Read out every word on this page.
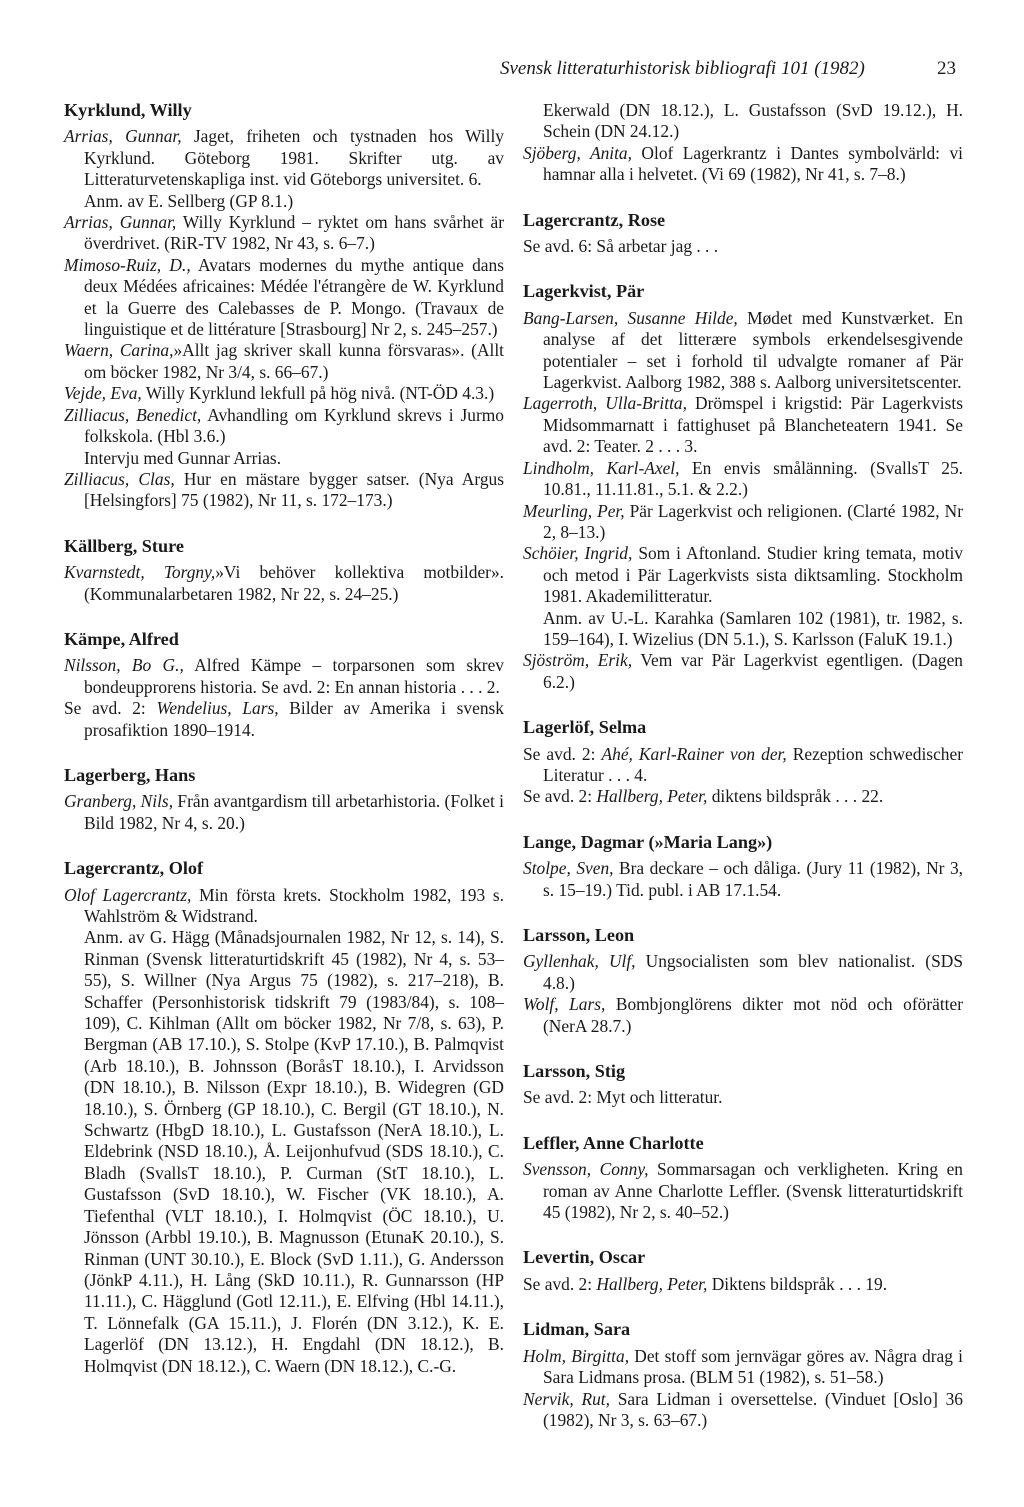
Svensk litteraturhistorisk bibliografi 101 (1982)	23
Kyrklund, Willy
Arrias, Gunnar, Jaget, friheten och tystnaden hos Willy Kyrklund. Göteborg 1981. Skrifter utg. av Litteraturvetenskapliga inst. vid Göteborgs universitet. 6.
Anm. av E. Sellberg (GP 8.1.)
Arrias, Gunnar, Willy Kyrklund – ryktet om hans svårhet är överdrivet. (RiR-TV 1982, Nr 43, s. 6–7.)
Mimoso-Ruiz, D., Avatars modernes du mythe antique dans deux Médées africaines: Médée l'étrangère de W. Kyrklund et la Guerre des Calebasses de P. Mongo. (Travaux de linguistique et de littérature [Strasbourg] Nr 2, s. 245–257.)
Waern, Carina,»Allt jag skriver skall kunna försvaras». (Allt om böcker 1982, Nr 3/4, s. 66–67.)
Vejde, Eva, Willy Kyrklund lekfull på hög nivå. (NT-ÖD 4.3.)
Zilliacus, Benedict, Avhandling om Kyrklund skrevs i Jurmo folkskola. (Hbl 3.6.)
Intervju med Gunnar Arrias.
Zilliacus, Clas, Hur en mästare bygger satser. (Nya Argus [Helsingfors] 75 (1982), Nr 11, s. 172–173.)
Källberg, Sture
Kvarnstedt, Torgny,»Vi behöver kollektiva motbilder». (Kommunalarbetaren 1982, Nr 22, s. 24–25.)
Kämpe, Alfred
Nilsson, Bo G., Alfred Kämpe – torparsonen som skrev bondeupprorens historia. Se avd. 2: En annan historia . . . 2.
Se avd. 2: Wendelius, Lars, Bilder av Amerika i svensk prosafiktion 1890–1914.
Lagerberg, Hans
Granberg, Nils, Från avantgardism till arbetarhistoria. (Folket i Bild 1982, Nr 4, s. 20.)
Lagercrantz, Olof
Olof Lagercrantz, Min första krets. Stockholm 1982, 193 s. Wahlström & Widstrand.
Anm. av G. Hägg (Månadsjournalen 1982, Nr 12, s. 14), S. Rinman (Svensk litteraturtidskrift 45 (1982), Nr 4, s. 53–55), S. Willner (Nya Argus 75 (1982), s. 217–218), B. Schaffer (Personhistorisk tidskrift 79 (1983/84), s. 108–109), C. Kihlman (Allt om böcker 1982, Nr 7/8, s. 63), P. Bergman (AB 17.10.), S. Stolpe (KvP 17.10.), B. Palmqvist (Arb 18.10.), B. Johnsson (BoråsT 18.10.), I. Arvidsson (DN 18.10.), B. Nilsson (Expr 18.10.), B. Widegren (GD 18.10.), S. Örnberg (GP 18.10.), C. Bergil (GT 18.10.), N. Schwartz (HbgD 18.10.), L. Gustafsson (NerA 18.10.), L. Eldebrink (NSD 18.10.), Å. Leijonhufvud (SDS 18.10.), C. Bladh (SvallsT 18.10.), P. Curman (StT 18.10.), L. Gustafsson (SvD 18.10.), W. Fischer (VK 18.10.), A. Tiefenthal (VLT 18.10.), I. Holmqvist (ÖC 18.10.), U. Jönsson (Arbbl 19.10.), B. Magnusson (EtunaK 20.10.), S. Rinman (UNT 30.10.), E. Block (SvD 1.11.), G. Andersson (JönkP 4.11.), H. Lång (SkD 10.11.), R. Gunnarsson (HP 11.11.), C. Hägglund (Gotl 12.11.), E. Elfving (Hbl 14.11.), T. Lönnefalk (GA 15.11.), J. Florén (DN 3.12.), K. E. Lagerlöf (DN 13.12.), H. Engdahl (DN 18.12.), B. Holmqvist (DN 18.12.), C. Waern (DN 18.12.), C.-G.
Ekerwald (DN 18.12.), L. Gustafsson (SvD 19.12.), H. Schein (DN 24.12.)
Sjöberg, Anita, Olof Lagerkrantz i Dantes symbolvärld: vi hamnar alla i helvetet. (Vi 69 (1982), Nr 41, s. 7–8.)
Lagercrantz, Rose
Se avd. 6: Så arbetar jag . . .
Lagerkvist, Pär
Bang-Larsen, Susanne Hilde, Mødet med Kunstværket. En analyse af det litterære symbols erkendelsesgivende potentialer – set i forhold til udvalgte romaner af Pär Lagerkvist. Aalborg 1982, 388 s. Aalborg universitetscenter.
Lagerroth, Ulla-Britta, Drömspel i krigstid: Pär Lagerkvists Midsommarnatt i fattighuset på Blancheteatern 1941. Se avd. 2: Teater. 2 . . . 3.
Lindholm, Karl-Axel, En envis smålänning. (SvallsT 25. 10.81., 11.11.81., 5.1. & 2.2.)
Meurling, Per, Pär Lagerkvist och religionen. (Clarté 1982, Nr 2, 8–13.)
Schöier, Ingrid, Som i Aftonland. Studier kring temata, motiv och metod i Pär Lagerkvists sista diktsamling. Stockholm 1981. Akademilitteratur.
Anm. av U.-L. Karahka (Samlaren 102 (1981), tr. 1982, s. 159–164), I. Wizelius (DN 5.1.), S. Karlsson (FaluK 19.1.)
Sjöström, Erik, Vem var Pär Lagerkvist egentligen. (Dagen 6.2.)
Lagerlöf, Selma
Se avd. 2: Ahé, Karl-Rainer von der, Rezeption schwedischer Literatur . . . 4.
Se avd. 2: Hallberg, Peter, diktens bildspråk . . . 22.
Lange, Dagmar (»Maria Lang»)
Stolpe, Sven, Bra deckare – och dåliga. (Jury 11 (1982), Nr 3, s. 15–19.) Tid. publ. i AB 17.1.54.
Larsson, Leon
Gyllenhak, Ulf, Ungsocialisten som blev nationalist. (SDS 4.8.)
Wolf, Lars, Bombjonglörens dikter mot nöd och oförätter (NerA 28.7.)
Larsson, Stig
Se avd. 2: Myt och litteratur.
Leffler, Anne Charlotte
Svensson, Conny, Sommarsagan och verkligheten. Kring en roman av Anne Charlotte Leffler. (Svensk litteraturtidskrift 45 (1982), Nr 2, s. 40–52.)
Levertin, Oscar
Se avd. 2: Hallberg, Peter, Diktens bildspråk . . . 19.
Lidman, Sara
Holm, Birgitta, Det stoff som jernvägar göres av. Några drag i Sara Lidmans prosa. (BLM 51 (1982), s. 51–58.)
Nervik, Rut, Sara Lidman i oversettelse. (Vinduet [Oslo] 36 (1982), Nr 3, s. 63–67.)
